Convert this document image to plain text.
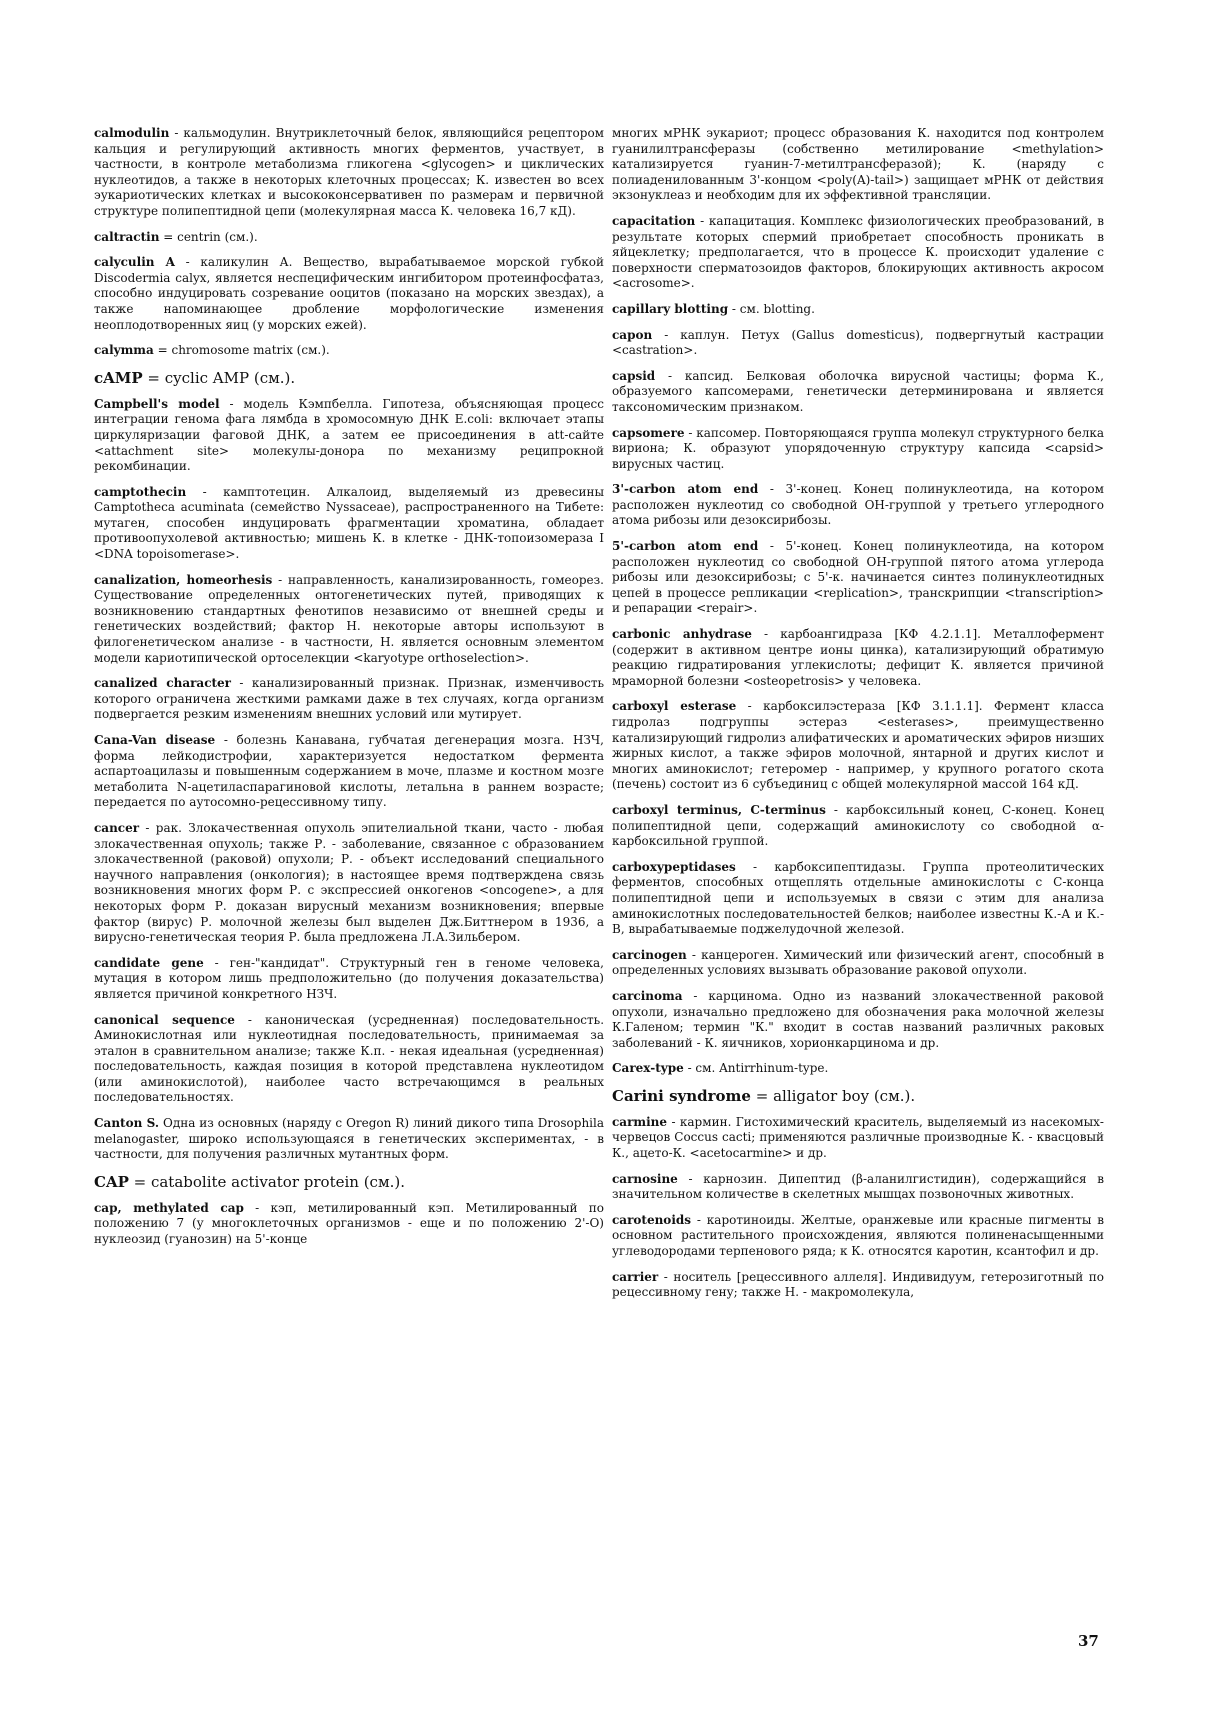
calmodulin - кальмодулин. Внутриклеточный белок, являющийся рецептором кальция и регулирующий активность многих ферментов, участвует, в частности, в контроле метаболизма гликогена <glycogen> и циклических нуклеотидов, а также в некоторых клеточных процессах; К. известен во всех эукариотических клетках и высококонсервативен по размерам и первичной структуре полипептидной цепи (молекулярная масса К. человека 16,7 кД).

caltractin = centrin (см.).

calyculin A - каликулин А. Вещество, вырабатываемое морской губкой Discodermia calyx, является неспецифическим ингибитором протеинфосфатаз, способно индуцировать созревание ооцитов (показано на морских звездах), а также напоминающее дробление морфологические изменения неоплодотворенных яиц (у морских ежей).

calymma = chromosome matrix (см.).

cAMP = cyclic AMP (см.).

Campbell's model - модель Кэмпбелла. Гипотеза, объясняющая процесс интеграции генома фага лямбда в хромосомную ДНК E.coli: включает этапы циркуляризации фаговой ДНК, а затем ее присоединения в att-сайте <attachment site> молекулы-донора по механизму реципрокной рекомбинации.

camptothecin - камптотецин. Алкалоид, выделяемый из древесины Camptotheca acuminata (семейство Nyssaceae), распространенного на Тибете: мутаген, способен индуцировать фрагментации хроматина, обладает противоопухолевой активностью; мишень К. в клетке - ДНК-топоизомераза I <DNA topoisomerase>.

canalization, homeorhesis - направленность, канализированность, гомеорез. Существование определенных онтогенетических путей, приводящих к возникновению стандартных фенотипов независимо от внешней среды и генетических воздействий; фактор Н. некоторые авторы используют в филогенетическом анализе - в частности, Н. является основным элементом модели кариотипической ортоселекции <karyotype orthoselection>.

canalized character - канализированный признак. Признак, изменчивость которого ограничена жесткими рамками даже в тех случаях, когда организм подвергается резким изменениям внешних условий или мутирует.

Cana-Van disease - болезнь Канавана, губчатая дегенерация мозга. НЗЧ, форма лейкодистрофии, характеризуется недостатком фермента аспартоацилазы и повышенным содержанием в моче, плазме и костном мозге метаболита N-ацетиласпарагиновой кислоты, летальна в раннем возрасте; передается по аутосомно-рецессивному типу.

cancer - рак. Злокачественная опухоль эпителиальной ткани, часто - любая злокачественная опухоль; также Р. - заболевание, связанное с образованием злокачественной (раковой) опухоли; Р. - объект исследований специального научного направления (онкология); в настоящее время подтверждена связь возникновения многих форм Р. с экспрессией онкогенов <oncogene>, а для некоторых форм Р. доказан вирусный механизм возникновения; впервые фактор (вирус) Р. молочной железы был выделен Дж.Биттнером в 1936, а вирусно-генетическая теория Р. была предложена Л.А.Зильбером.

candidate gene - ген-"кандидат". Структурный ген в геноме человека, мутация в котором лишь предположительно (до получения доказательства) является причиной конкретного НЗЧ.

canonical sequence - каноническая (усредненная) последовательность. Аминокислотная или нуклеотидная последовательность, принимаемая за эталон в сравнительном анализе; также К.п. - некая идеальная (усредненная) последовательность, каждая позиция в которой представлена нуклеотидом (или аминокислотой), наиболее часто встречающимся в реальных последовательностях.

Canton S. Одна из основных (наряду с Oregon R) линий дикого типа Drosophila melanogaster, широко использующаяся в генетических экспериментах, - в частности, для получения различных мутантных форм.

CAP = catabolite activator protein (см.).

cap, methylated cap - кэп, метилированный кэп. Метилированный по положению 7 (у многоклеточных организмов - еще и по положению 2'-О) нуклеозид (гуанозин) на 5'-конце

многих мРНК эукариот; процесс образования К. находится под контролем гуанилилтрансферазы (собственно метилирование <methylation> катализируется гуанин-7-метилтрансферазой); К. (наряду с полиаденилованным 3'-концом <poly(A)-tail>) защищает мРНК от действия экзонуклеаз и необходим для их эффективной трансляции.

capacitation - капацитация. Комплекс физиологических преобразований, в результате которых спермий приобретает способность проникать в яйцеклетку; предполагается, что в процессе К. происходит удаление с поверхности сперматозоидов факторов, блокирующих активность акросом <acrosome>.

capillary blotting - см. blotting.

capon - каплун. Петух (Gallus domesticus), подвергнутый кастрации <castration>.

capsid - капсид. Белковая оболочка вирусной частицы; форма К., образуемого капсомерами, генетически детерминирована и является таксономическим признаком.

capsomere - капсомер. Повторяющаяся группа молекул структурного белка вириона; К. образуют упорядоченную структуру капсида <capsid> вирусных частиц.

3'-carbon atom end - 3'-конец. Конец полинуклеотида, на котором расположен нуклеотид со свободной ОН-группой у третьего углеродного атома рибозы или дезоксирибозы.

5'-carbon atom end - 5'-конец. Конец полинуклеотида, на котором расположен нуклеотид со свободной ОН-группой пятого атома углерода рибозы или дезоксирибозы; с 5'-к. начинается синтез полинуклеотидных цепей в процессе репликации <replication>, транскрипции <transcription> и репарации <repair>.

carbonic anhydrase - карбоангидраза [КФ 4.2.1.1]. Металлофермент (содержит в активном центре ионы цинка), катализирующий обратимую реакцию гидратирования углекислоты; дефицит К. является причиной мраморной болезни <osteopetrosis> у человека.

carboxyl esterase - карбоксилэстераза [КФ 3.1.1.1]. Фермент класса гидролаз подгруппы эстераз <esterases>, преимущественно катализирующий гидролиз алифатических и ароматических эфиров низших жирных кислот, а также эфиров молочной, янтарной и других кислот и многих аминокислот; гетеромер - например, у крупного рогатого скота (печень) состоит из 6 субъединиц с общей молекулярной массой 164 кД.

carboxyl terminus, C-terminus - карбоксильный конец, С-конец. Конец полипептидной цепи, содержащий аминокислоту со свободной α-карбоксильной группой.

carboxypeptidases - карбоксипептидазы. Группа протеолитических ферментов, способных отщеплять отдельные аминокислоты с С-конца полипептидной цепи и используемых в связи с этим для анализа аминокислотных последовательностей белков; наиболее известны К.-А и К.-В, вырабатываемые поджелудочной железой.

carcinogen - канцероген. Химический или физический агент, способный в определенных условиях вызывать образование раковой опухоли.

carcinoma - карцинома. Одно из названий злокачественной раковой опухоли, изначально предложено для обозначения рака молочной железы К.Галеном; термин "К." входит в состав названий различных раковых заболеваний - К. яичников, хорионкарцинома и др.

Carex-type - см. Antirrhinum-type.

Carini syndrome = alligator boy (см.).

carmine - кармин. Гистохимический краситель, выделяемый из насекомых-червецов Coccus cacti; применяются различные производные К. - квасцовый К., ацето-К. <acetocarmine> и др.

carnosine - карнозин. Дипептид (β-аланилгистидин), содержащийся в значительном количестве в скелетных мышцах позвоночных животных.

carotenoids - каротиноиды. Желтые, оранжевые или красные пигменты в основном растительного происхождения, являются полиненасыщенными углеводородами терпенового ряда; к К. относятся каротин, ксантофил и др.

carrier - носитель [рецессивного аллеля]. Индивидуум, гетерозиготный по рецессивному гену; также Н. - макромолекула,

37
